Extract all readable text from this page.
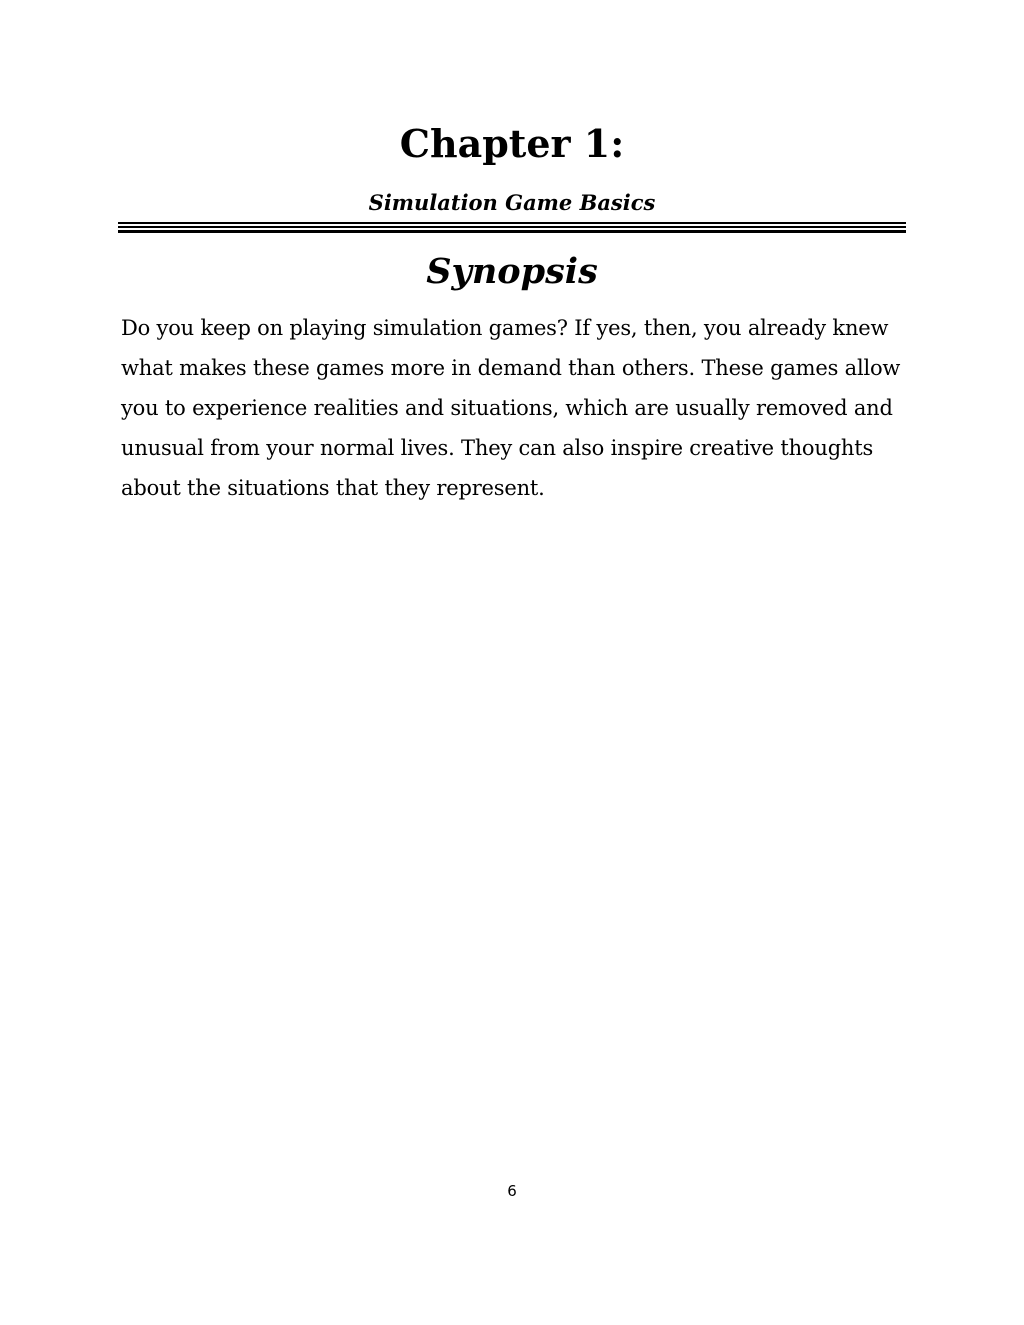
Chapter 1:
Simulation Game Basics
Synopsis

Do you keep on playing simulation games? If yes, then, you already knew
what makes these games more in demand than others. These games allow
you to experience realities and situations, which are usually removed and
unusual from your normal lives. They can also inspire creative thoughts
about the situations that they represent.

6
